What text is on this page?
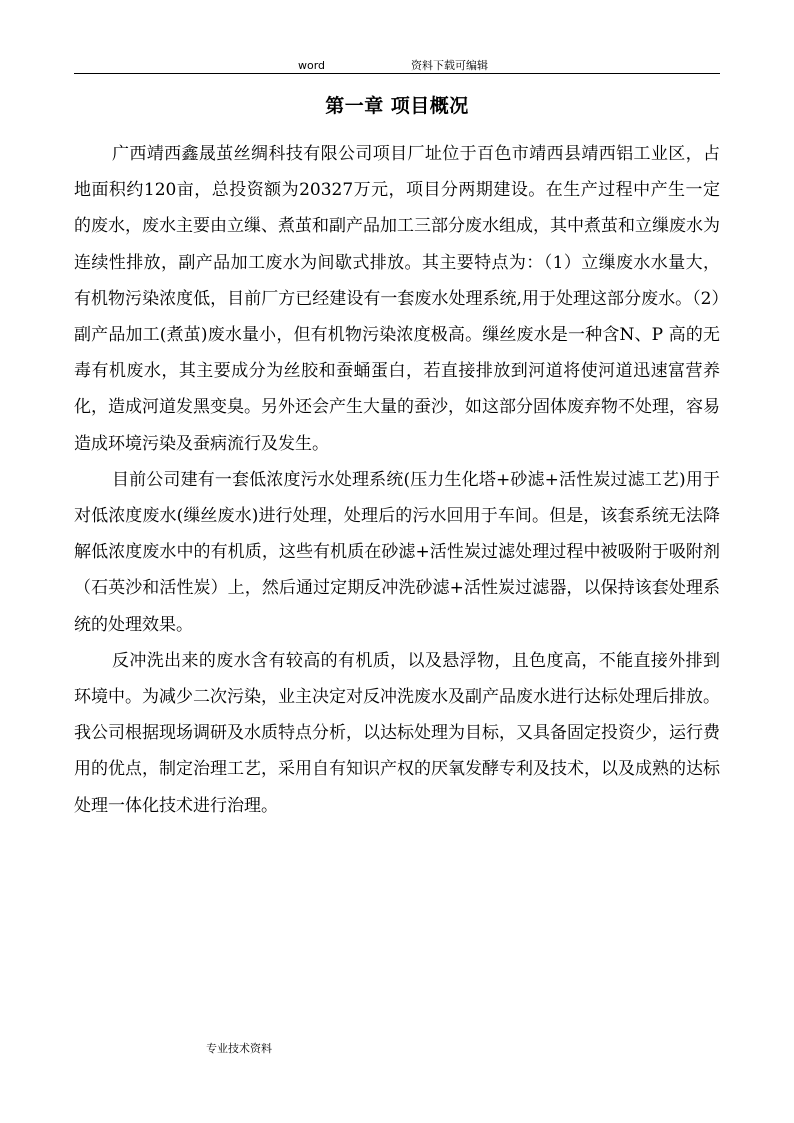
word	资料下载可编辑
第一章 项目概况

广西靖西鑫晟茧丝绸科技有限公司项目厂址位于百色市靖西县靖西铝工业区，占地面积约120亩，总投资额为20327万元，项目分两期建设。在生产过程中产生一定的废水，废水主要由立缫、煮茧和副产品加工三部分废水组成，其中煮茧和立缫废水为连续性排放，副产品加工废水为间歇式排放。其主要特点为：（1）立缫废水水量大，有机物污染浓度低，目前厂方已经建设有一套废水处理系统,用于处理这部分废水。（2）副产品加工(煮茧)废水量小，但有机物污染浓度极高。缫丝废水是一种含N、P 高的无毒有机废水，其主要成分为丝胶和蚕蛹蛋白，若直接排放到河道将使河道迅速富营养化，造成河道发黑变臭。另外还会产生大量的蚕沙，如这部分固体废弃物不处理，容易造成环境污染及蚕病流行及发生。

目前公司建有一套低浓度污水处理系统(压力生化塔+砂滤+活性炭过滤工艺)用于对低浓度废水(缫丝废水)进行处理，处理后的污水回用于车间。但是，该套系统无法降解低浓度废水中的有机质，这些有机质在砂滤+活性炭过滤处理过程中被吸附于吸附剂（石英沙和活性炭）上，然后通过定期反冲洗砂滤+活性炭过滤器，以保持该套处理系统的处理效果。

反冲洗出来的废水含有较高的有机质，以及悬浮物，且色度高，不能直接外排到环境中。为减少二次污染，业主决定对反冲洗废水及副产品废水进行达标处理后排放。我公司根据现场调研及水质特点分析，以达标处理为目标，又具备固定投资少，运行费用的优点，制定治理工艺，采用自有知识产权的厌氧发酵专利及技术，以及成熟的达标处理一体化技术进行治理。

专业技术资料
